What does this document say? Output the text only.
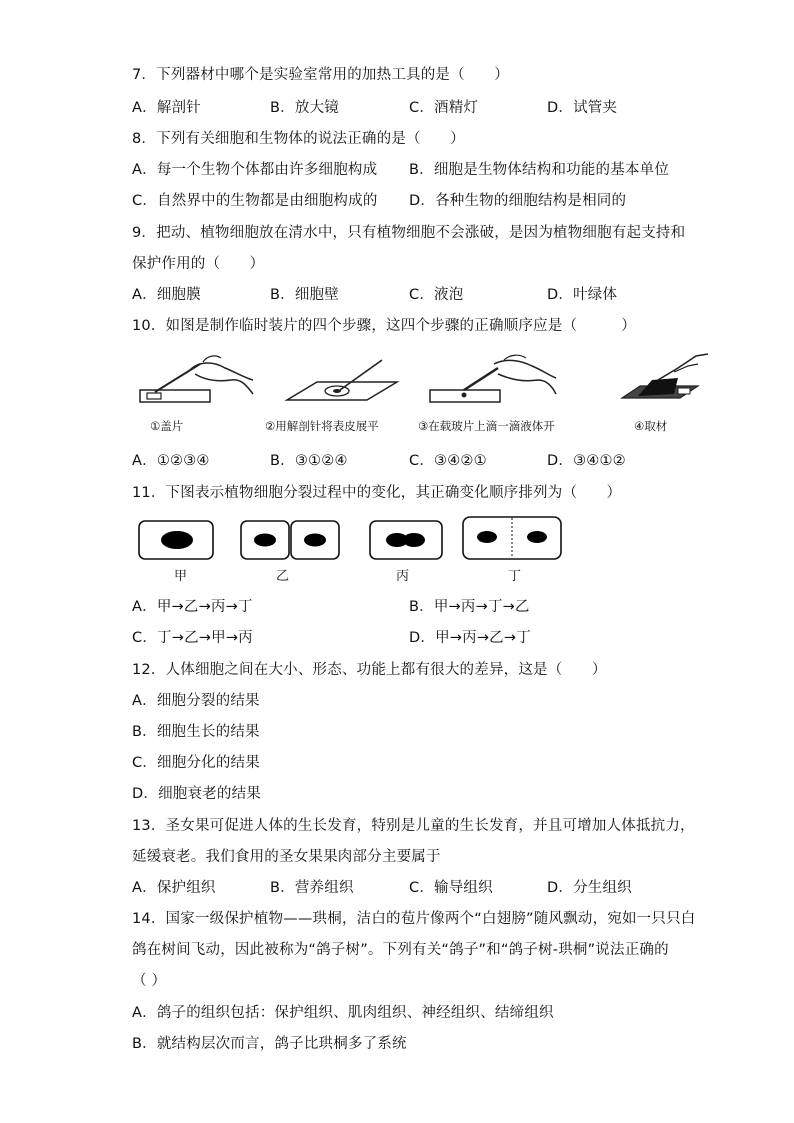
7．下列器材中哪个是实验室常用的加热工具的是（　　）
A．解剖针	B．放大镜	C．酒精灯	D．试管夹
8．下列有关细胞和生物体的说法正确的是（　　）
A．每一个生物个体都由许多细胞构成 B．细胞是生物体结构和功能的基本单位
C．自然界中的生物都是由细胞构成的 D．各种生物的细胞结构是相同的
9．把动、植物细胞放在清水中，只有植物细胞不会涨破，是因为植物细胞有起支持和
保护作用的（　　）
A．细胞膜	B．细胞壁	C．液泡	D．叶绿体
10．如图是制作临时装片的四个步骤，这四个步骤的正确顺序应是（　　　）
①盖片	②用解剖针将表皮展平	③在载玻片上滴一滴液体开	④取材
A．①②③④	B．③①②④	C．③④②①	D．③④①②
11．下图表示植物细胞分裂过程中的变化，其正确变化顺序排列为（　　）
甲	乙	丙	丁
A．甲→乙→丙→丁	B．甲→丙→丁→乙
C．丁→乙→甲→丙	D．甲→丙→乙→丁
12．人体细胞之间在大小、形态、功能上都有很大的差异，这是（　　）
A．细胞分裂的结果
B．细胞生长的结果
C．细胞分化的结果
D．细胞衰老的结果
13．圣女果可促进人体的生长发育，特别是儿童的生长发育，并且可增加人体抵抗力，
延缓衰老。我们食用的圣女果果肉部分主要属于
A．保护组织	B．营养组织	C．输导组织	D．分生组织
14．国家一级保护植物——珙桐，洁白的苞片像两个“白翅膀”随风飘动，宛如一只只白
鸽在树间飞动，因此被称为“鸽子树”。下列有关“鸽子”和“鸽子树-珙桐”说法正确的
（ ）
A．鸽子的组织包括：保护组织、肌肉组织、神经组织、结缔组织
B．就结构层次而言，鸽子比珙桐多了系统
